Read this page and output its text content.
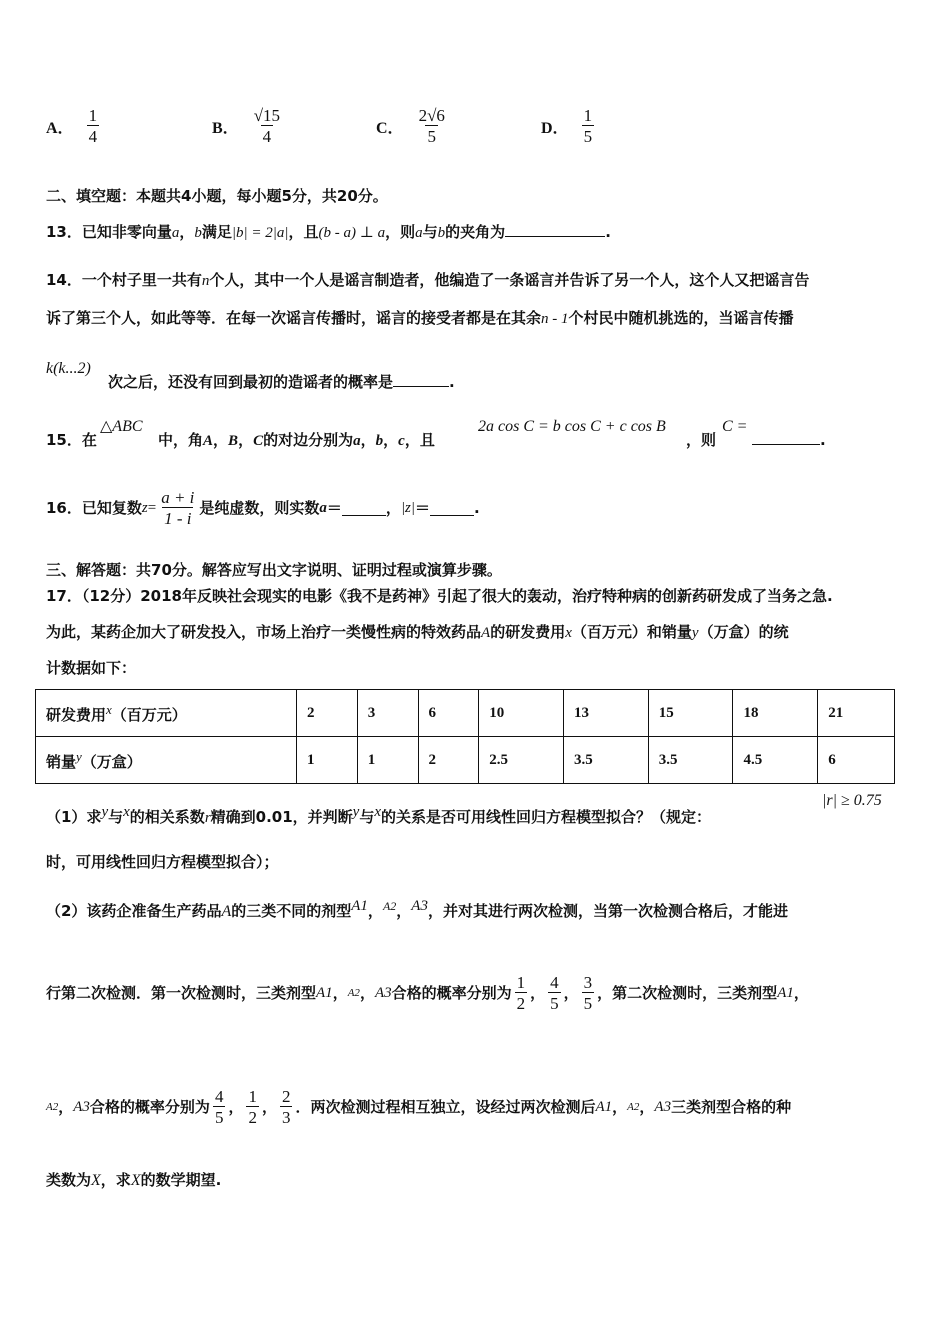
A． $\frac{1}{4}$	B． $\frac{√15}{4}$	C． $\frac{2√6}{5}$	D． $\frac{1}{5}$
二、填空题：本题共4小题，每小题5分，共20分。
13．已知非零向量a，b满足|b| = 2|a|，且(b - a) ⊥ a，则a与b的夹角为	.
14．一个村子里一共有n个人，其中一个人是谣言制造者，他编造了一条谣言并告诉了另一个人，这个人又把谣言告
诉了第三个人，如此等等．在每一次谣言传播时，谣言的接受者都是在其余n - 1个村民中随机挑选的，当谣言传播
k(k...2)
次之后，还没有回到最初的造谣者的概率是	.
△ABC
15．在	中，角A，B，C的对边分别为a，b，c，且
2a cos C = b cos C + c cos B
，则
C =
.
16．已知复数 $z = \frac{a + i}{1 - i}$ 是纯虚数，则实数 a ＝	， |z| ＝	.
三、解答题：共70分。解答应写出文字说明、证明过程或演算步骤。
17．（12分）2018年反映社会现实的电影《我不是药神》引起了很大的轰动，治疗特种病的创新药研发成了当务之急.
为此，某药企加大了研发投入，市场上治疗一类慢性病的特效药品A的研发费用x（百万元）和销量y（万盒）的统
计数据如下：
研发费用x（百万元）	2	3	6	10	13	15	18	21
销量y（万盒）	1	1	2	2.5	3.5	3.5	4.5	6
（1）求y与x的相关系数r精确到0.01，并判断y与x的关系是否可用线性回归方程模型拟合？（规定：
|r| ≥ 0.75
时，可用线性回归方程模型拟合）；
（2）该药企准备生产药品A的三类不同的剂型A1，$^{A2}$，A3，并对其进行两次检测，当第一次检测合格后，才能进
行第二次检测．第一次检测时，三类剂型 A1 ， A2 ， A3 合格的概率分别为 $\frac{1}{2}$ ， $\frac{4}{5}$ ， $\frac{3}{5}$ ，第二次检测时，三类剂型 A1 ，
A2 ， A3 合格的概率分别为 $\frac{4}{5}$ ， $\frac{1}{2}$ ， $\frac{2}{3}$ ．两次检测过程相互独立，设经过两次检测后 A1 ， A2 ， A3 三类剂型合格的种
类数为X，求X的数学期望.
